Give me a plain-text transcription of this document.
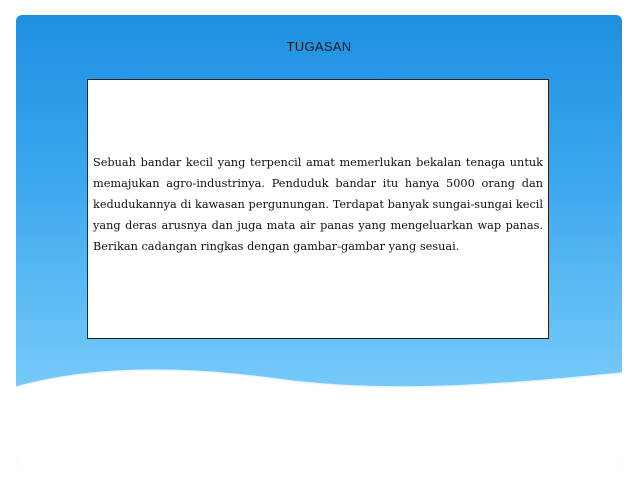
TUGASAN

Sebuah bandar kecil yang terpencil amat memerlukan bekalan tenaga untuk memajukan agro-industrinya. Penduduk bandar itu hanya 5000 orang dan kedudukannya di kawasan pergunungan. Terdapat banyak sungai-sungai kecil yang deras arusnya dan juga mata air panas yang mengeluarkan wap panas. Berikan cadangan ringkas dengan gambar-gambar yang sesuai.
